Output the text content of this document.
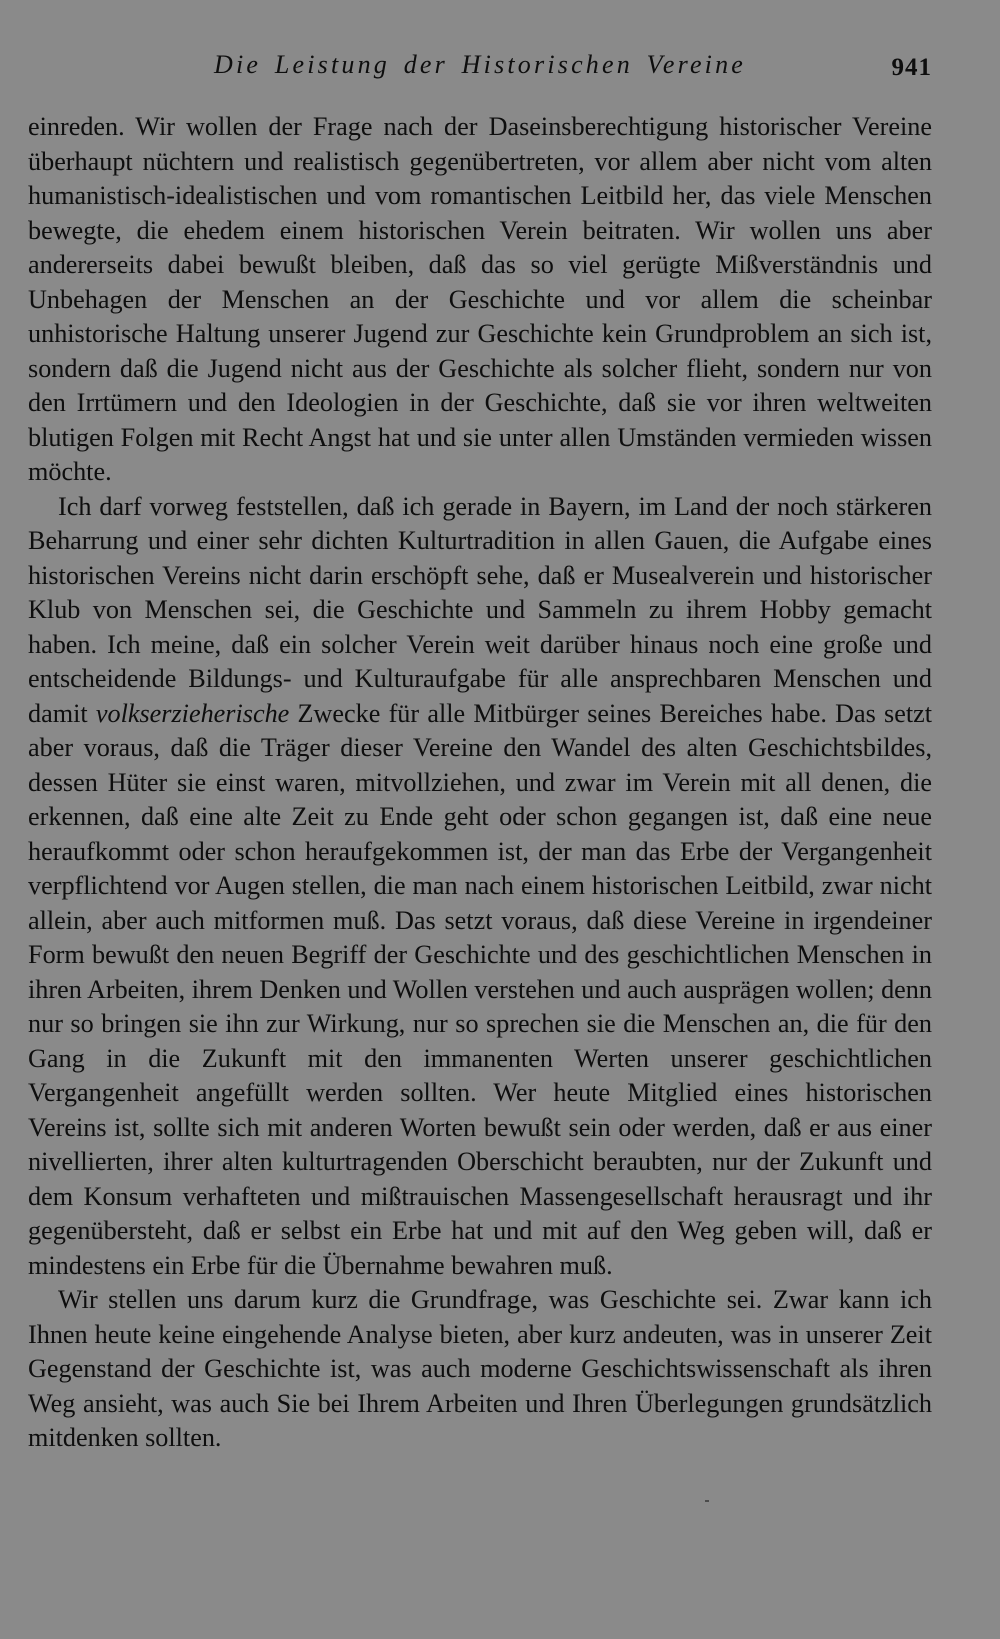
Die Leistung der Historischen Vereine	941

einreden. Wir wollen der Frage nach der Daseinsberechtigung historischer Vereine überhaupt nüchtern und realistisch gegenübertreten, vor allem aber nicht vom alten humanistisch-idealistischen und vom romantischen Leitbild her, das viele Menschen bewegte, die ehedem einem historischen Verein beitraten. Wir wollen uns aber andererseits dabei bewußt bleiben, daß das so viel gerügte Mißverständnis und Unbehagen der Menschen an der Geschichte und vor allem die scheinbar unhistorische Haltung unserer Jugend zur Geschichte kein Grundproblem an sich ist, sondern daß die Jugend nicht aus der Geschichte als solcher flieht, sondern nur von den Irrtümern und den Ideologien in der Geschichte, daß sie vor ihren weltweiten blutigen Folgen mit Recht Angst hat und sie unter allen Umständen vermieden wissen möchte.

Ich darf vorweg feststellen, daß ich gerade in Bayern, im Land der noch stärkeren Beharrung und einer sehr dichten Kulturtradition in allen Gauen, die Aufgabe eines historischen Vereins nicht darin erschöpft sehe, daß er Musealverein und historischer Klub von Menschen sei, die Geschichte und Sammeln zu ihrem Hobby gemacht haben. Ich meine, daß ein solcher Verein weit darüber hinaus noch eine große und entscheidende Bildungs- und Kulturaufgabe für alle ansprechbaren Menschen und damit volkserzieherische Zwecke für alle Mitbürger seines Bereiches habe. Das setzt aber voraus, daß die Träger dieser Vereine den Wandel des alten Geschichtsbildes, dessen Hüter sie einst waren, mitvollziehen, und zwar im Verein mit all denen, die erkennen, daß eine alte Zeit zu Ende geht oder schon gegangen ist, daß eine neue heraufkommt oder schon heraufgekommen ist, der man das Erbe der Vergangenheit verpflichtend vor Augen stellen, die man nach einem historischen Leitbild, zwar nicht allein, aber auch mitformen muß. Das setzt voraus, daß diese Vereine in irgendeiner Form bewußt den neuen Begriff der Geschichte und des geschichtlichen Menschen in ihren Arbeiten, ihrem Denken und Wollen verstehen und auch ausprägen wollen; denn nur so bringen sie ihn zur Wirkung, nur so sprechen sie die Menschen an, die für den Gang in die Zukunft mit den immanenten Werten unserer geschichtlichen Vergangenheit angefüllt werden sollten. Wer heute Mitglied eines historischen Vereins ist, sollte sich mit anderen Worten bewußt sein oder werden, daß er aus einer nivellierten, ihrer alten kulturtragenden Oberschicht beraubten, nur der Zukunft und dem Konsum verhafteten und mißtrauischen Massengesellschaft herausragt und ihr gegenübersteht, daß er selbst ein Erbe hat und mit auf den Weg geben will, daß er mindestens ein Erbe für die Übernahme bewahren muß.

Wir stellen uns darum kurz die Grundfrage, was Geschichte sei. Zwar kann ich Ihnen heute keine eingehende Analyse bieten, aber kurz andeuten, was in unserer Zeit Gegenstand der Geschichte ist, was auch moderne Geschichtswissenschaft als ihren Weg ansieht, was auch Sie bei Ihrem Arbeiten und Ihren Überlegungen grundsätzlich mitdenken sollten.
